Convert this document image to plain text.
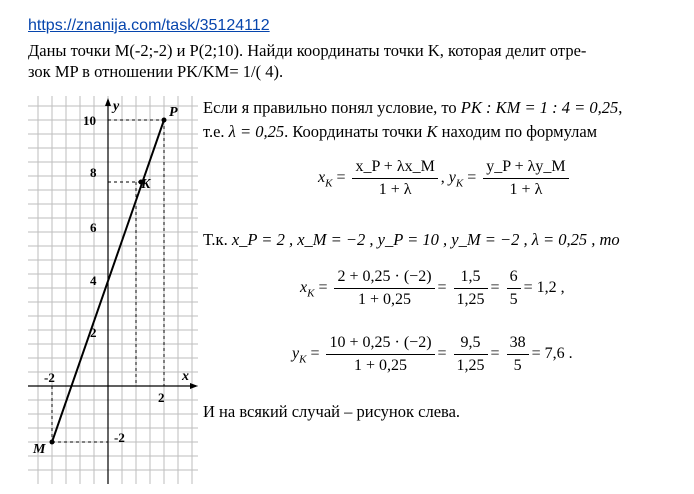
https://znanija.com/task/35124112
Даны точки M(-2;-2) и P(2;10). Найди координаты точки K, которая делит отре-
зок MP в отношении PK/KM= 1/( 4).
y
x
10
8
6
4
2
-2
-2
2
P
K
M
Если я правильно понял условие, то PK : KM = 1 : 4 = 0,25,
т.е. λ = 0,25. Координаты точки K находим по формулам
$x_K = \frac{x\_P + \lambda x\_M}{1 + \lambda}$ , $y_K = \frac{y\_P + \lambda y\_M}{1 + \lambda}$
Т.к. x_P = 2 , x_M = −2 , y_P = 10 , y_M = −2 , λ = 0,25 , то
$x_K = \frac{2 + 0,25 \cdot (-2)}{1 + 0,25} = \frac{1,5}{1,25} = \frac{6}{5} = 1,2$ ,
$y_K = \frac{10 + 0,25 \cdot (-2)}{1 + 0,25} = \frac{9,5}{1,25} = \frac{38}{5} = 7,6$ .
И на всякий случай – рисунок слева.
